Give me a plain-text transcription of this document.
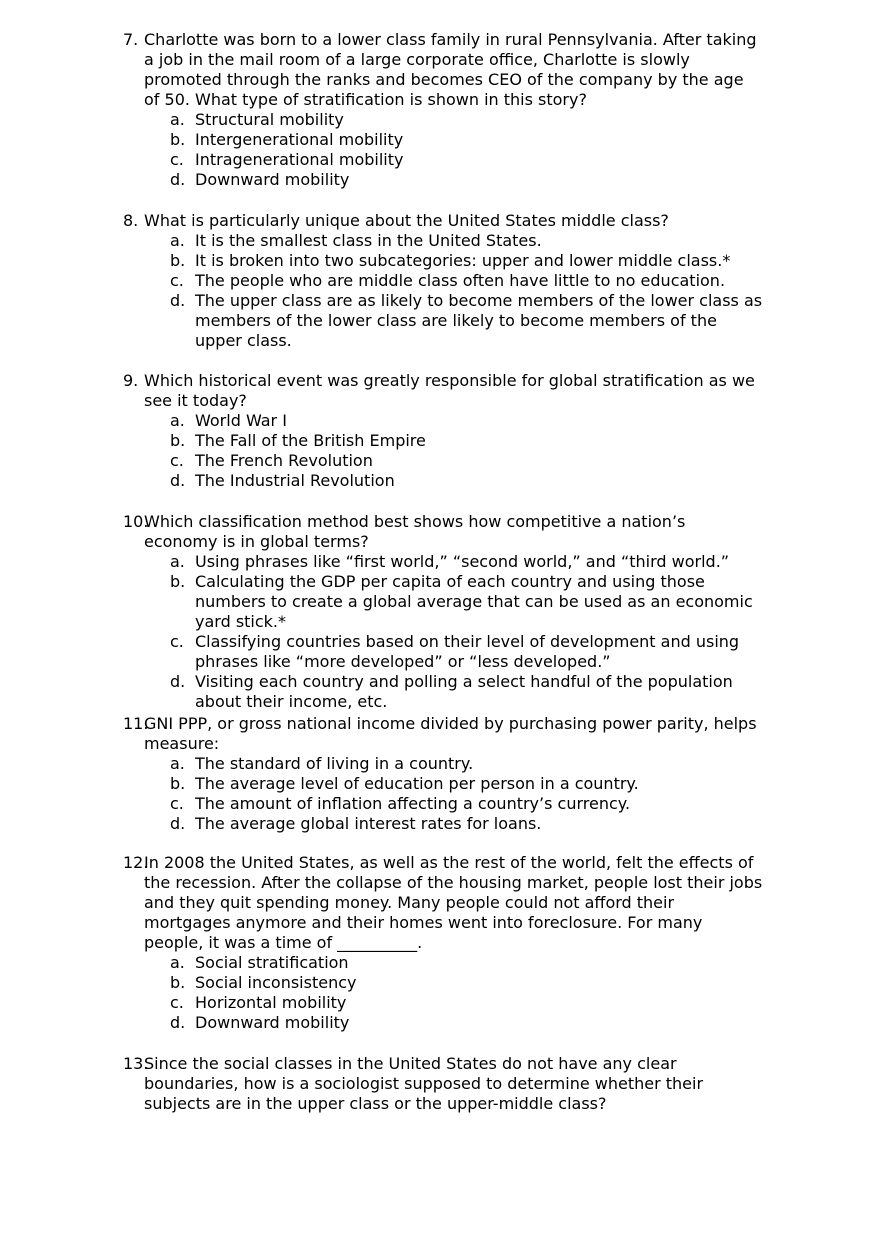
7. Charlotte was born to a lower class family in rural Pennsylvania. After taking a job in the mail room of a large corporate office, Charlotte is slowly promoted through the ranks and becomes CEO of the company by the age of 50. What type of stratification is shown in this story?

a. Structural mobility
b. Intergenerational mobility
c. Intragenerational mobility
d. Downward mobility

8. What is particularly unique about the United States middle class?

a. It is the smallest class in the United States.
b. It is broken into two subcategories: upper and lower middle class.*
c. The people who are middle class often have little to no education.
d. The upper class are as likely to become members of the lower class as members of the lower class are likely to become members of the upper class.

9. Which historical event was greatly responsible for global stratification as we see it today?

a. World War I
b. The Fall of the British Empire
c. The French Revolution
d. The Industrial Revolution

10.
Which classification method best shows how competitive a nation’s economy is in global terms?

a. Using phrases like “first world,” “second world,” and “third world.”
b. Calculating the GDP per capita of each country and using those numbers to create a global average that can be used as an economic yard stick.*
c. Classifying countries based on their level of development and using phrases like “more developed” or “less developed.”
d. Visiting each country and polling a select handful of the population about their income, etc.

11.
GNI PPP, or gross national income divided by purchasing power parity, helps measure:

a. The standard of living in a country.
b. The average level of education per person in a country.
c. The amount of inflation affecting a country’s currency.
d. The average global interest rates for loans.

12.
In 2008 the United States, as well as the rest of the world, felt the effects of the recession. After the collapse of the housing market, people lost their jobs and they quit spending money. Many people could not afford their mortgages anymore and their homes went into foreclosure. For many people, it was a time of __________.

a. Social stratification
b. Social inconsistency
c. Horizontal mobility
d. Downward mobility

13.
Since the social classes in the United States do not have any clear boundaries, how is a sociologist supposed to determine whether their subjects are in the upper class or the upper-middle class?
